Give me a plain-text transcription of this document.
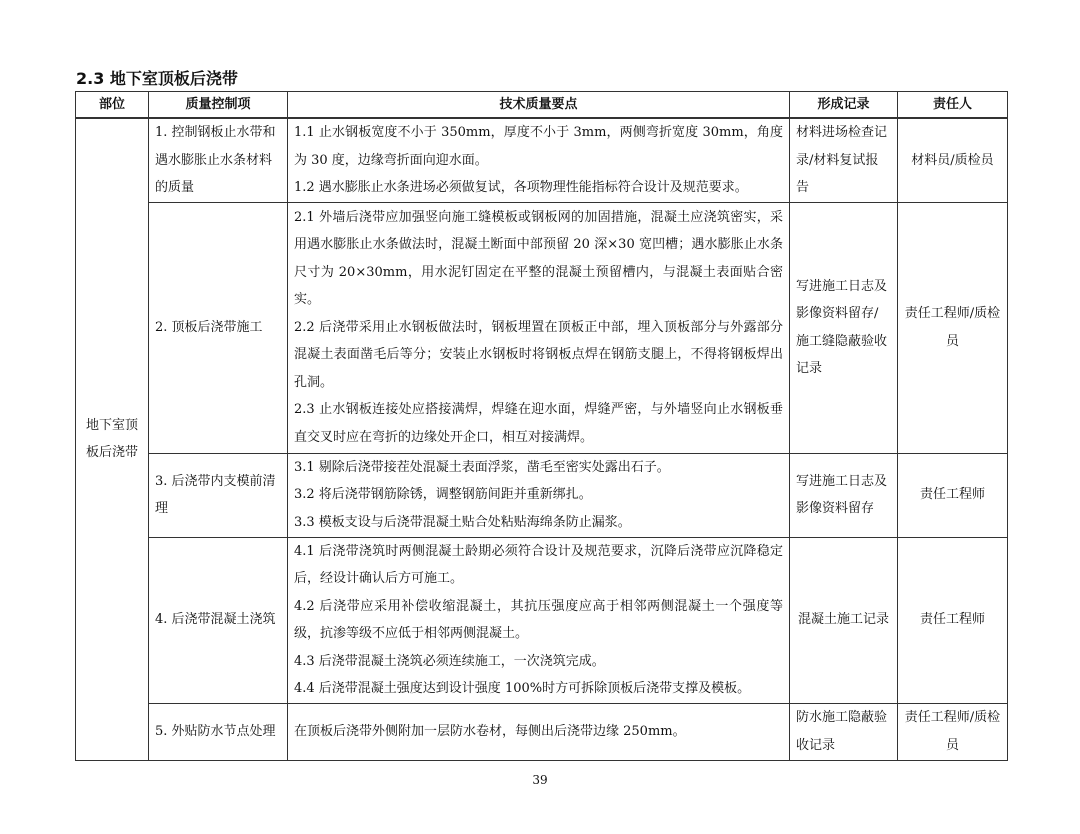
2.3 地下室顶板后浇带
部位	质量控制项	技术质量要点	形成记录	责任人
地下室顶板后浇带	1. 控制钢板止水带和遇水膨胀止水条材料的质量	1.1 止水钢板宽度不小于 350mm，厚度不小于 3mm，两侧弯折宽度 30mm，角度为 30 度，边缘弯折面向迎水面。
1.2 遇水膨胀止水条进场必须做复试，各项物理性能指标符合设计及规范要求。	材料进场检查记录/材料复试报告	材料员/质检员

	2. 顶板后浇带施工	2.1 外墙后浇带应加强竖向施工缝模板或钢板网的加固措施，混凝土应浇筑密实，采用遇水膨胀止水条做法时，混凝土断面中部预留 20 深×30 宽凹槽；遇水膨胀止水条尺寸为 20×30mm，用水泥钉固定在平整的混凝土预留槽内，与混凝土表面贴合密实。
2.2 后浇带采用止水钢板做法时，钢板埋置在顶板正中部，埋入顶板部分与外露部分混凝土表面凿毛后等分；安装止水钢板时将钢板点焊在钢筋支腿上，不得将钢板焊出孔洞。
2.3 止水钢板连接处应搭接满焊，焊缝在迎水面，焊缝严密，与外墙竖向止水钢板垂直交叉时应在弯折的边缘处开企口，相互对接满焊。	写进施工日志及影像资料留存/施工缝隐蔽验收记录	责任工程师/质检员

	3. 后浇带内支模前清理	3.1 剔除后浇带接茬处混凝土表面浮浆，凿毛至密实处露出石子。
3.2 将后浇带钢筋除锈，调整钢筋间距并重新绑扎。
3.3 模板支设与后浇带混凝土贴合处粘贴海绵条防止漏浆。	写进施工日志及影像资料留存	责任工程师

	4. 后浇带混凝土浇筑	4.1 后浇带浇筑时两侧混凝土龄期必须符合设计及规范要求，沉降后浇带应沉降稳定后，经设计确认后方可施工。
4.2 后浇带应采用补偿收缩混凝土，其抗压强度应高于相邻两侧混凝土一个强度等级，抗渗等级不应低于相邻两侧混凝土。
4.3 后浇带混凝土浇筑必须连续施工，一次浇筑完成。
4.4 后浇带混凝土强度达到设计强度 100%时方可拆除顶板后浇带支撑及模板。	混凝土施工记录	责任工程师

	5. 外贴防水节点处理	在顶板后浇带外侧附加一层防水卷材，每侧出后浇带边缘 250mm。	防水施工隐蔽验收记录	责任工程师/质检员
39
